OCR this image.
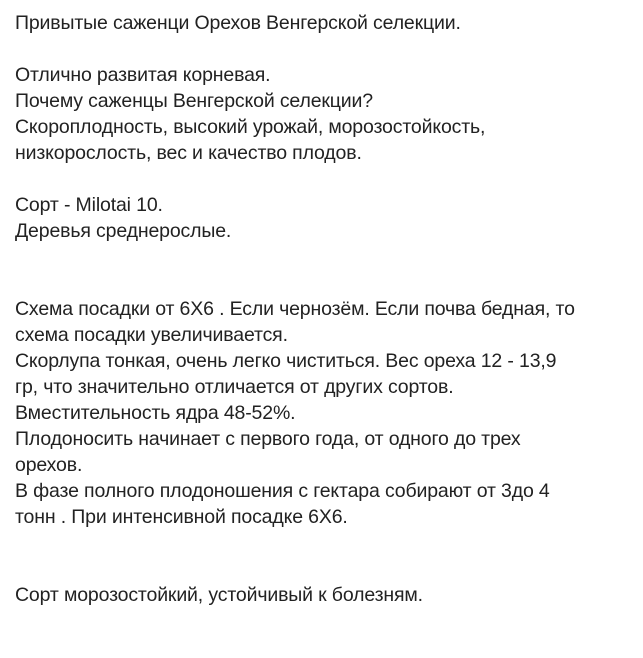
Привытые саженци Орехов Венгерской селекции.
Отлично развитая корневая.
Почему саженцы Венгерской селекции?
Скороплодность, высокий урожай, морозостойкость,
низкорослость, вес и качество плодов.
Сорт - Milotai 10.
Деревья среднерослые.
Схема посадки от 6Х6 . Если чернозём. Если почва бедная, то
схема посадки увеличивается.
Скорлупа тонкая, очень легко чиститься. Вес ореха 12 - 13,9
гр, что значительно отличается от других сортов.
Вместительность ядра 48-52%.
Плодоносить начинает с первого года, от одного до трех
орехов.
В фазе полного плодоношения с гектара собирают от 3до 4
тонн . При интенсивной посадке 6Х6.
Сорт морозостойкий, устойчивый к болезням.
